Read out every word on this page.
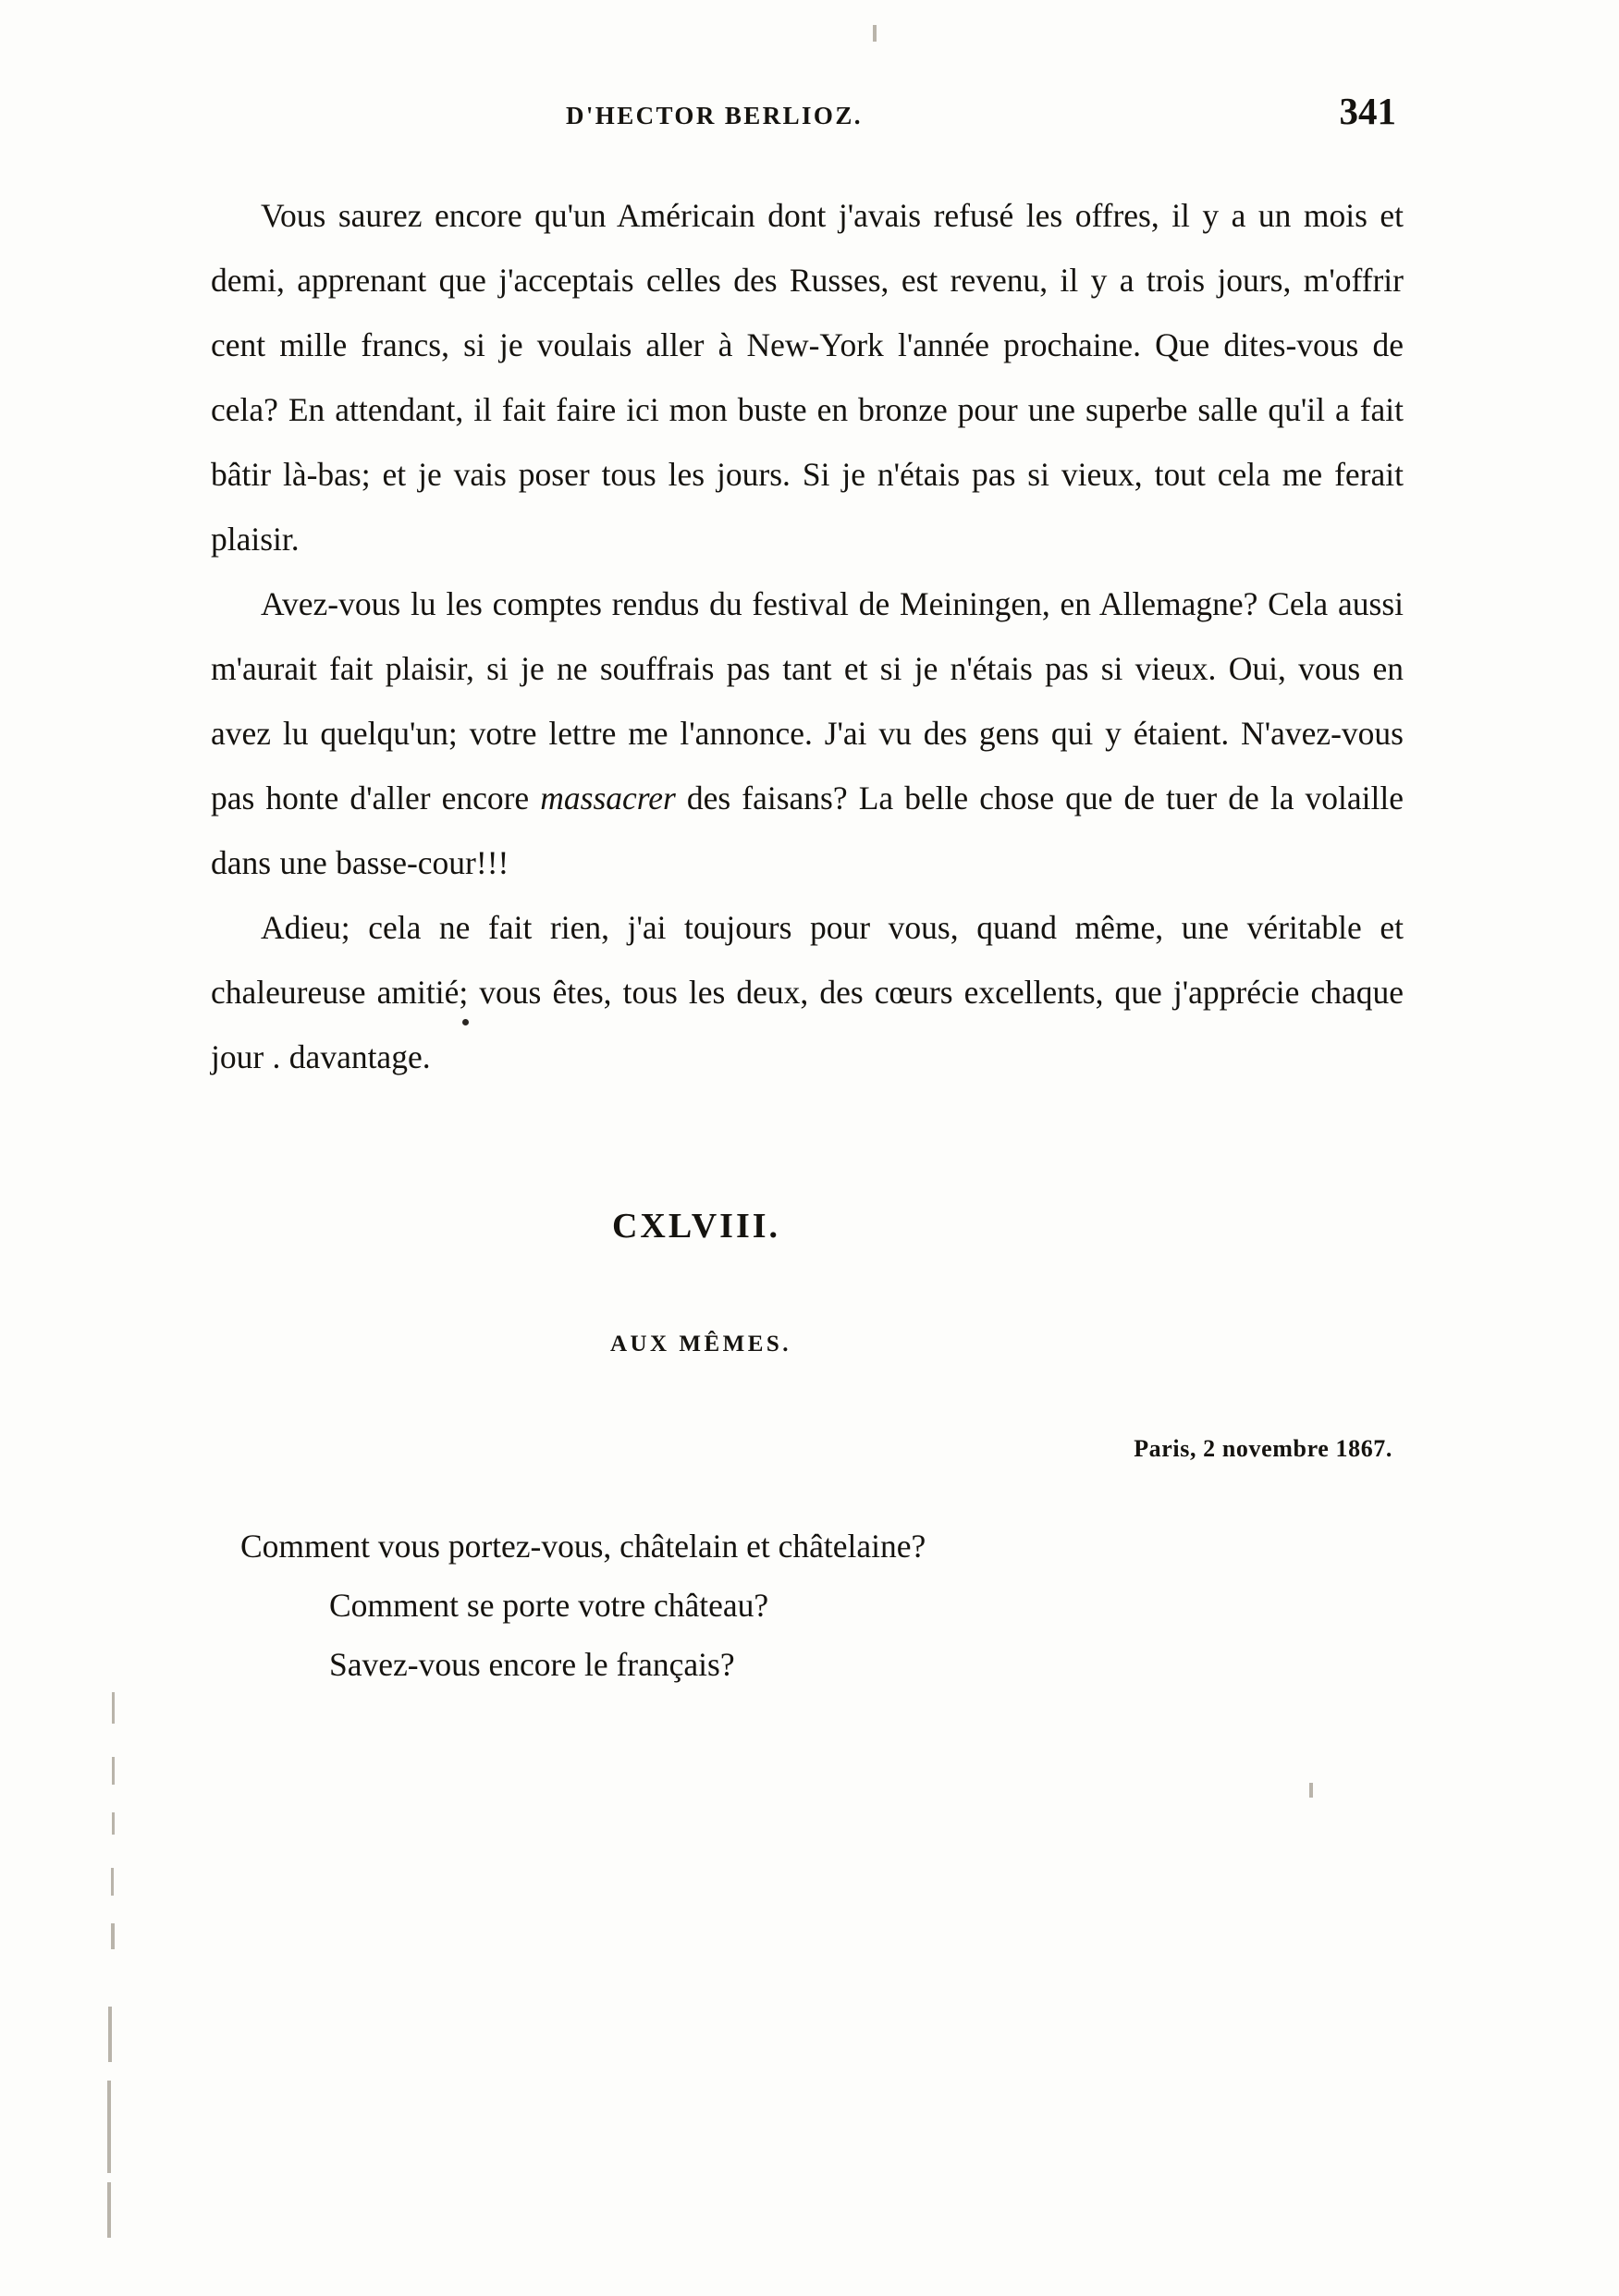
D'HECTOR BERLIOZ.	341

Vous saurez encore qu'un Américain dont j'avais refusé les offres, il y a un mois et demi, apprenant que j'acceptais celles des Russes, est revenu, il y a trois jours, m'offrir cent mille francs, si je voulais aller à New-York l'année prochaine. Que dites-vous de cela? En attendant, il fait faire ici mon buste en bronze pour une superbe salle qu'il a fait bâtir là-bas; et je vais poser tous les jours. Si je n'étais pas si vieux, tout cela me ferait plaisir.

Avez-vous lu les comptes rendus du festival de Meiningen, en Allemagne? Cela aussi m'aurait fait plaisir, si je ne souffrais pas tant et si je n'étais pas si vieux. Oui, vous en avez lu quelqu'un; votre lettre me l'annonce. J'ai vu des gens qui y étaient. N'avez-vous pas honte d'aller encore massacrer des faisans? La belle chose que de tuer de la volaille dans une basse-cour!!!

Adieu; cela ne fait rien, j'ai toujours pour vous, quand même, une véritable et chaleureuse amitié; vous êtes, tous les deux, des cœurs excellents, que j'apprécie chaque jour . davantage.

CXLVIII.
AUX MÊMES.
Paris, 2 novembre 1867.
Comment vous portez-vous, châtelain et châtelaine?
Comment se porte votre château?
Savez-vous encore le français?
